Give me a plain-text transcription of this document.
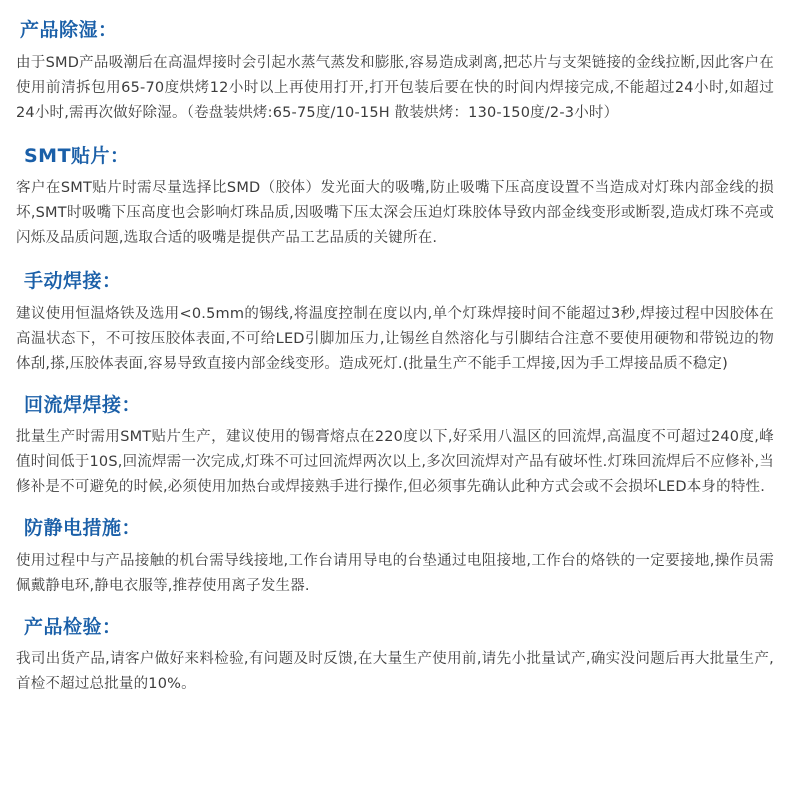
产品除湿：

由于SMD产品吸潮后在高温焊接时会引起水蒸气蒸发和膨胀,容易造成剥离,把芯片与支架链接的金线拉断,因此客户在使用前清拆包用65-70度烘烤12小时以上再使用打开,打开包装后要在快的时间内焊接完成,不能超过24小时,如超过24小时,需再次做好除湿。（卷盘装烘烤:65-75度/10-15H 散装烘烤：130-150度/2-3小时）

SMT贴片：

客户在SMT贴片时需尽量选择比SMD（胶体）发光面大的吸嘴,防止吸嘴下压高度设置不当造成对灯珠内部金线的损坏,SMT时吸嘴下压高度也会影响灯珠品质,因吸嘴下压太深会压迫灯珠胶体导致内部金线变形或断裂,造成灯珠不亮或闪烁及品质问题,选取合适的吸嘴是提供产品工艺品质的关键所在.

手动焊接：

建议使用恒温烙铁及选用<0.5mm的锡线,将温度控制在度以内,单个灯珠焊接时间不能超过3秒,焊接过程中因胶体在高温状态下，不可按压胶体表面,不可给LED引脚加压力,让锡丝自然溶化与引脚结合注意不要使用硬物和带锐边的物体刮,搽,压胶体表面,容易导致直接内部金线变形。造成死灯.(批量生产不能手工焊接,因为手工焊接品质不稳定)

回流焊焊接：

批量生产时需用SMT贴片生产，建议使用的锡膏熔点在220度以下,好采用八温区的回流焊,高温度不可超过240度,峰值时间低于10S,回流焊需一次完成,灯珠不可过回流焊两次以上,多次回流焊对产品有破坏性.灯珠回流焊后不应修补,当修补是不可避免的时候,必须使用加热台或焊接熟手进行操作,但必须事先确认此种方式会或不会损坏LED本身的特性.

防静电措施：

使用过程中与产品接触的机台需导线接地,工作台请用导电的台垫通过电阻接地,工作台的烙铁的一定要接地,操作员需佩戴静电环,静电衣服等,推荐使用离子发生器.

产品检验：

我司出货产品,请客户做好来料检验,有问题及时反馈,在大量生产使用前,请先小批量试产,确实没问题后再大批量生产,首检不超过总批量的10%。
